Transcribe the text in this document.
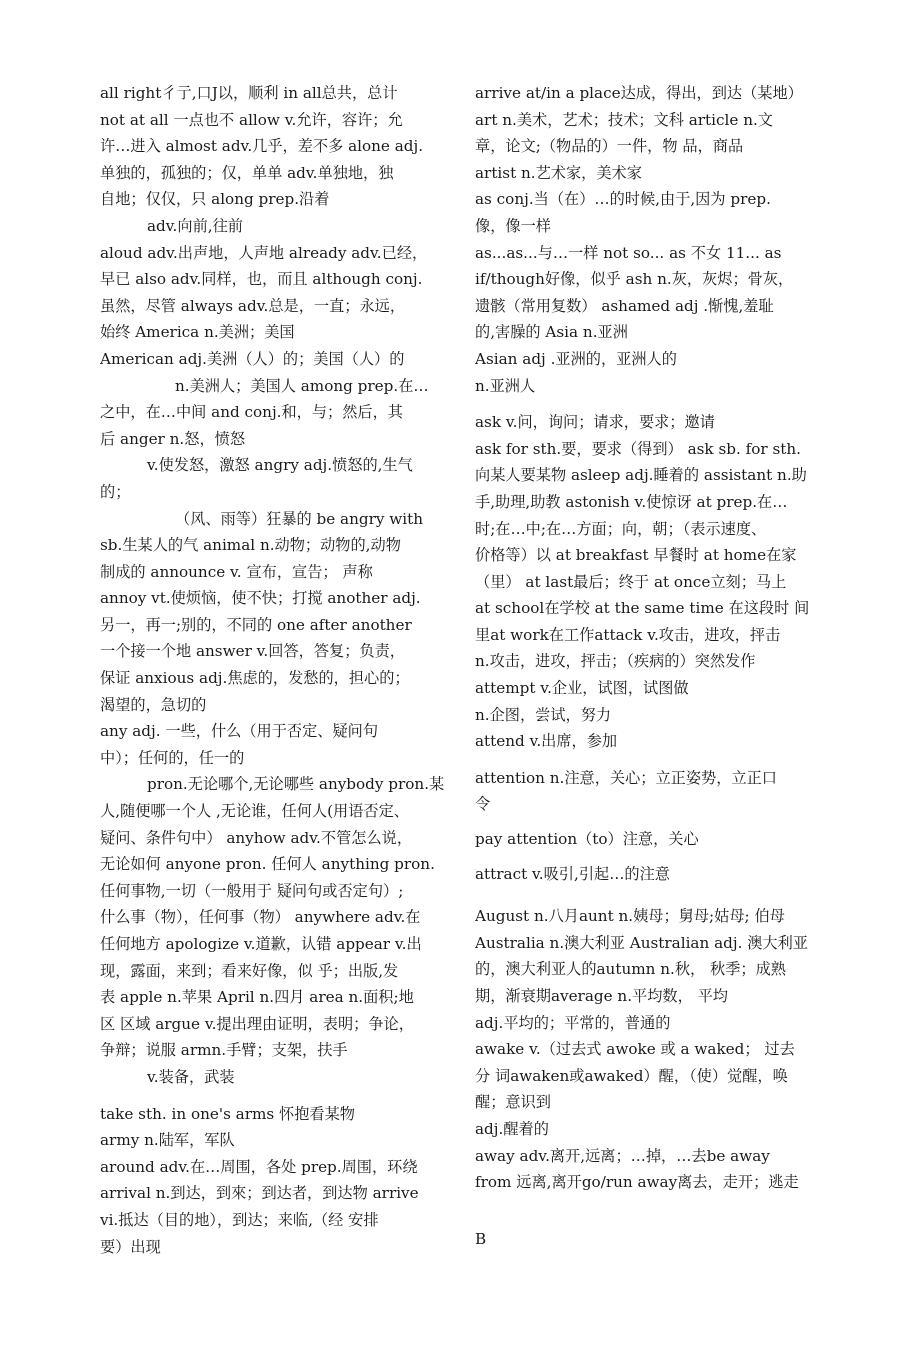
all right彳亍,口J以，顺利 in all总共，总计
not at all 一点也不 allow v.允许，容许；允
许…进入 almost adv.几乎，差不多 alone adj.
单独的，孤独的；仅，单单 adv.单独地，独
自地；仅仅，只 along prep.沿着
adv.向前,往前
aloud adv.出声地，人声地 already adv.已经，
早已 also adv.同样，也，而且 although conj.
虽然，尽管 always adv.总是，一直；永远，
始终 America n.美洲；美国
American adj.美洲（人）的；美国（人）的
n.美洲人；美国人 among prep.在…
之中，在…中间 and conj.和，与；然后，其
后 anger n.怒，愤怒
v.使发怒，激怒 angry adj.愤怒的,生气
的；
（风、雨等）狂暴的 be angry with
sb.生某人的气 animal n.动物；动物的,动物
制成的 announce v. 宣布，宣告； 声称
annoy vt.使烦恼，使不快；打搅 another adj.
另一，再一;别的，不同的 one after another
一个接一个地 answer v.回答，答复；负责，
保证 anxious adj.焦虑的，发愁的，担心的；
渴望的，急切的
any adj. 一些，什么（用于否定、疑问句
中）；任何的，任一的
pron.无论哪个,无论哪些 anybody pron.某
人,随便哪一个人 ,无论谁，任何人(用语否定、
疑问、条件句中） anyhow adv.不管怎么说，
无论如何 anyone pron. 任何人 anything pron.
任何事物,一切（一般用于 疑问句或否定句）;
什么事（物），任何事（物） anywhere adv.在
任何地方 apologize v.道歉，认错 appear v.出
现，露面，来到；看来好像，似 乎；出版,发
表 apple n.苹果 April n.四月 area n.面积;地
区 区域 argue v.提出理由证明，表明；争论，
争辩；说服 armn.手臂；支架，扶手
v.装备，武装
take sth. in one's arms 怀抱看某物
army n.陆军，军队
around adv.在…周围，各处 prep.周围，环绕
arrival n.到达，到來；到达者，到达物 arrive
vi.抵达（目的地），到达；来临,（经 安排
要）出现
arrive at/in a place达成，得出，到达（某地）
art n.美术，艺术；技术；文科 article n.文
章，论文;（物品的）一件，物 品，商品
artist n.艺术家，美术家
as conj.当（在）…的时候,由于,因为 prep.
像，像一样
as...as...与…一样 not so... as 不女 11... as
if/though好像，似乎 ash n.灰，灰烬；骨灰，
遗骸（常用复数） ashamed adj .惭愧,羞耻
的,害臊的 Asia n.亚洲
Asian adj .亚洲的，亚洲人的
n.亚洲人
ask v.问，询问；请求，要求；邀请
ask for sth.要，要求（得到） ask sb. for sth.
向某人要某物 asleep adj.睡着的 assistant n.助
手,助理,助教 astonish v.使惊讶 at prep.在…
时;在…中;在…方面；向，朝；（表示速度、
价格等）以 at breakfast 早餐时 at home在家
（里） at last最后；终于 at once立刻；马上
at school在学校 at the same time 在这段时 间
里at work在工作attack v.攻击，进攻，抨击
n.攻击，进攻，抨击；（疾病的）突然发作
attempt v.企业，试图，试图做
n.企图，尝试，努力
attend v.出席，参加
attention n.注意，关心；立正姿势，立正口
令
pay attention（to）注意，关心
attract v.吸引,引起…的注意
August n.八月aunt n.姨母；舅母;姑母; 伯母
Australia n.澳大利亚 Australian adj. 澳大利亚
的，澳大利亚人的autumn n.秋， 秋季；成熟
期，渐衰期average n.平均数， 平均
adj.平均的；平常的，普通的
awake v.（过去式 awoke 或 a waked； 过去
分 词awaken或awaked）醒，（使）觉醒，唤
醒；意识到
adj.醒着的
away adv.离开,远离；…掉，…去be away
from 远离,离开go/run away离去，走开；逃走
B
